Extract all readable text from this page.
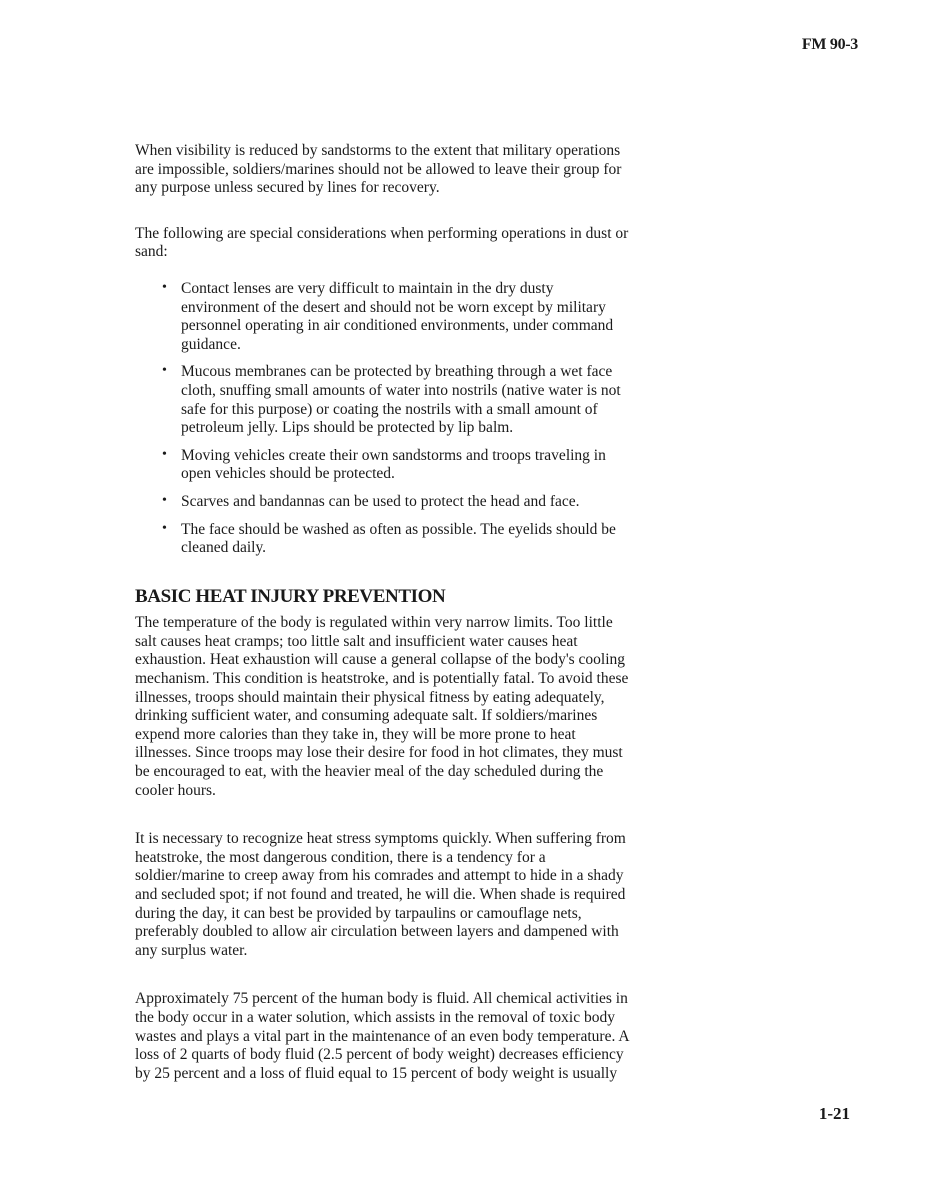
FM 90-3

When visibility is reduced by sandstorms to the extent that military operations are impossible, soldiers/marines should not be allowed to leave their group for any purpose unless secured by lines for recovery.

The following are special considerations when performing operations in dust or sand:

• Contact lenses are very difficult to maintain in the dry dusty environment of the desert and should not be worn except by military personnel operating in air conditioned environments, under command guidance.
• Mucous membranes can be protected by breathing through a wet face cloth, snuffing small amounts of water into nostrils (native water is not safe for this purpose) or coating the nostrils with a small amount of petroleum jelly. Lips should be protected by lip balm.
• Moving vehicles create their own sandstorms and troops traveling in open vehicles should be protected.
• Scarves and bandannas can be used to protect the head and face.
• The face should be washed as often as possible. The eyelids should be cleaned daily.
BASIC HEAT INJURY PREVENTION

The temperature of the body is regulated within very narrow limits. Too little salt causes heat cramps; too little salt and insufficient water causes heat exhaustion. Heat exhaustion will cause a general collapse of the body's cooling mechanism. This condition is heatstroke, and is potentially fatal. To avoid these illnesses, troops should maintain their physical fitness by eating adequately, drinking sufficient water, and consuming adequate salt. If soldiers/marines expend more calories than they take in, they will be more prone to heat illnesses. Since troops may lose their desire for food in hot climates, they must be encouraged to eat, with the heavier meal of the day scheduled during the cooler hours.

It is necessary to recognize heat stress symptoms quickly. When suffering from heatstroke, the most dangerous condition, there is a tendency for a soldier/marine to creep away from his comrades and attempt to hide in a shady and secluded spot; if not found and treated, he will die. When shade is required during the day, it can best be provided by tarpaulins or camouflage nets, preferably doubled to allow air circulation between layers and dampened with any surplus water.

Approximately 75 percent of the human body is fluid. All chemical activities in the body occur in a water solution, which assists in the removal of toxic body wastes and plays a vital part in the maintenance of an even body temperature. A loss of 2 quarts of body fluid (2.5 percent of body weight) decreases efficiency by 25 percent and a loss of fluid equal to 15 percent of body weight is usually

1-21
